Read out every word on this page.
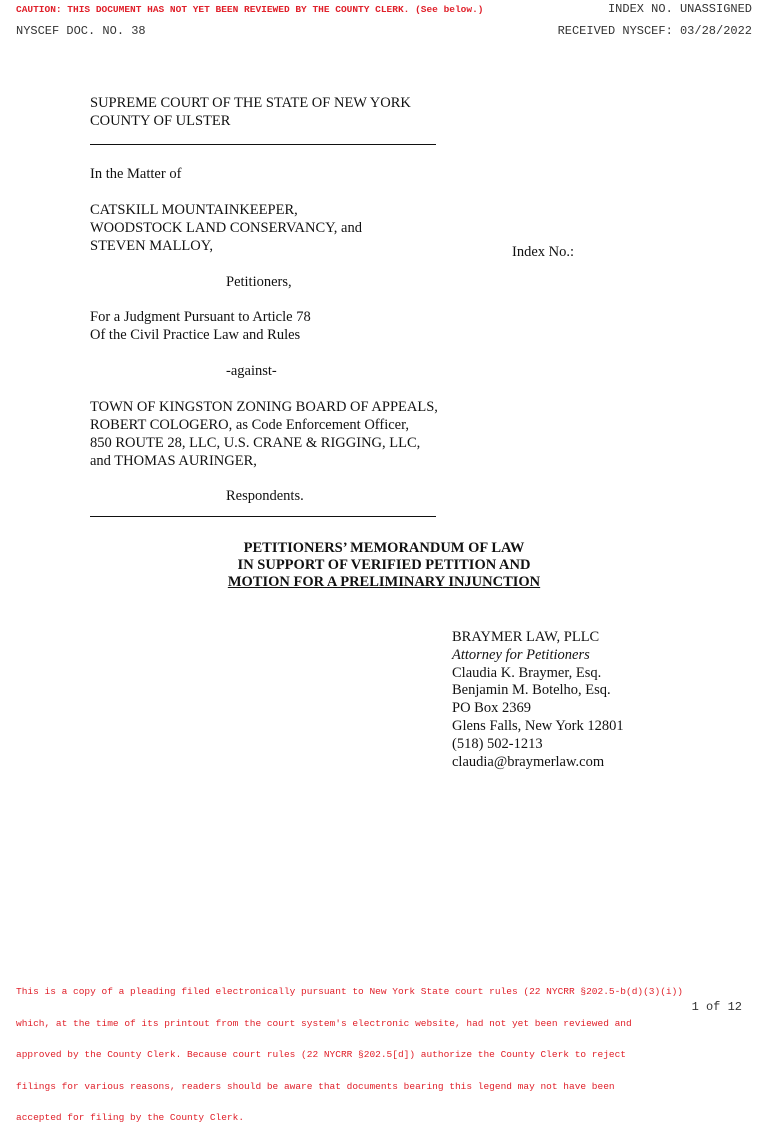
CAUTION: THIS DOCUMENT HAS NOT YET BEEN REVIEWED BY THE COUNTY CLERK. (See below.)	INDEX NO. UNASSIGNED
NYSCEF DOC. NO. 38	RECEIVED NYSCEF: 03/28/2022
SUPREME COURT OF THE STATE OF NEW YORK
COUNTY OF ULSTER
In the Matter of
CATSKILL MOUNTAINKEEPER,
WOODSTOCK LAND CONSERVANCY, and
STEVEN MALLOY,	Index No.:
Petitioners,
For a Judgment Pursuant to Article 78
Of the Civil Practice Law and Rules
-against-
TOWN OF KINGSTON ZONING BOARD OF APPEALS,
ROBERT COLOGERO, as Code Enforcement Officer,
850 ROUTE 28, LLC, U.S. CRANE & RIGGING, LLC,
and THOMAS AURINGER,
Respondents.
PETITIONERS’ MEMORANDUM OF LAW
IN SUPPORT OF VERIFIED PETITION AND
MOTION FOR A PRELIMINARY INJUNCTION
BRAYMER LAW, PLLC
Attorney for Petitioners
Claudia K. Braymer, Esq.
Benjamin M. Botelho, Esq.
PO Box 2369
Glens Falls, New York 12801
(518) 502-1213
claudia@braymerlaw.com

This is a copy of a pleading filed electronically pursuant to New York State court rules (22 NYCRR §202.5-b(d)(3)(i))

which, at the time of its printout from the court system's electronic website, had not yet been reviewed and

approved by the County Clerk. Because court rules (22 NYCRR §202.5[d]) authorize the County Clerk to reject

filings for various reasons, readers should be aware that documents bearing this legend may not have been

accepted for filing by the County Clerk.

1 of 12
